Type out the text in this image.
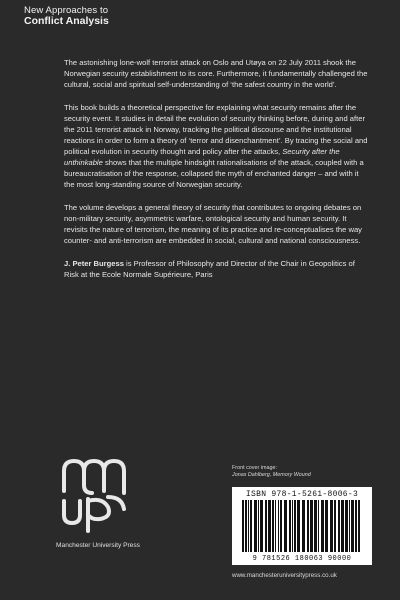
New Approaches to
Conflict Analysis

The astonishing lone-wolf terrorist attack on Oslo and Utøya on 22 July 2011 shook the Norwegian security establishment to its core. Furthermore, it fundamentally challenged the cultural, social and spiritual self-understanding of ‘the safest country in the world’.

This book builds a theoretical perspective for explaining what security remains after the security event. It studies in detail the evolution of security thinking before, during and after the 2011 terrorist attack in Norway, tracking the political discourse and the institutional reactions in order to form a theory of ‘terror and disenchantment’. By tracing the social and political evolution in security thought and policy after the attacks, Security after the unthinkable shows that the multiple hindsight rationalisations of the attack, coupled with a bureaucratisation of the response, collapsed the myth of enchanted danger – and with it the most long-standing source of Norwegian security.

The volume develops a general theory of security that contributes to ongoing debates on non-military security, asymmetric warfare, ontological security and human security. It revisits the nature of terrorism, the meaning of its practice and re-conceptualises the way counter- and anti-terrorism are embedded in social, cultural and national consciousness.

J. Peter Burgess is Professor of Philosophy and Director of the Chair in Geopolitics of Risk at the Ecole Normale Supérieure, Paris

Manchester University Press
Front cover image:
Jonas Dahlberg, Memory Wound
ISBN 978-1-5261-8006-3
9 781526 180063 90000
www.manchesteruniversitypress.co.uk
